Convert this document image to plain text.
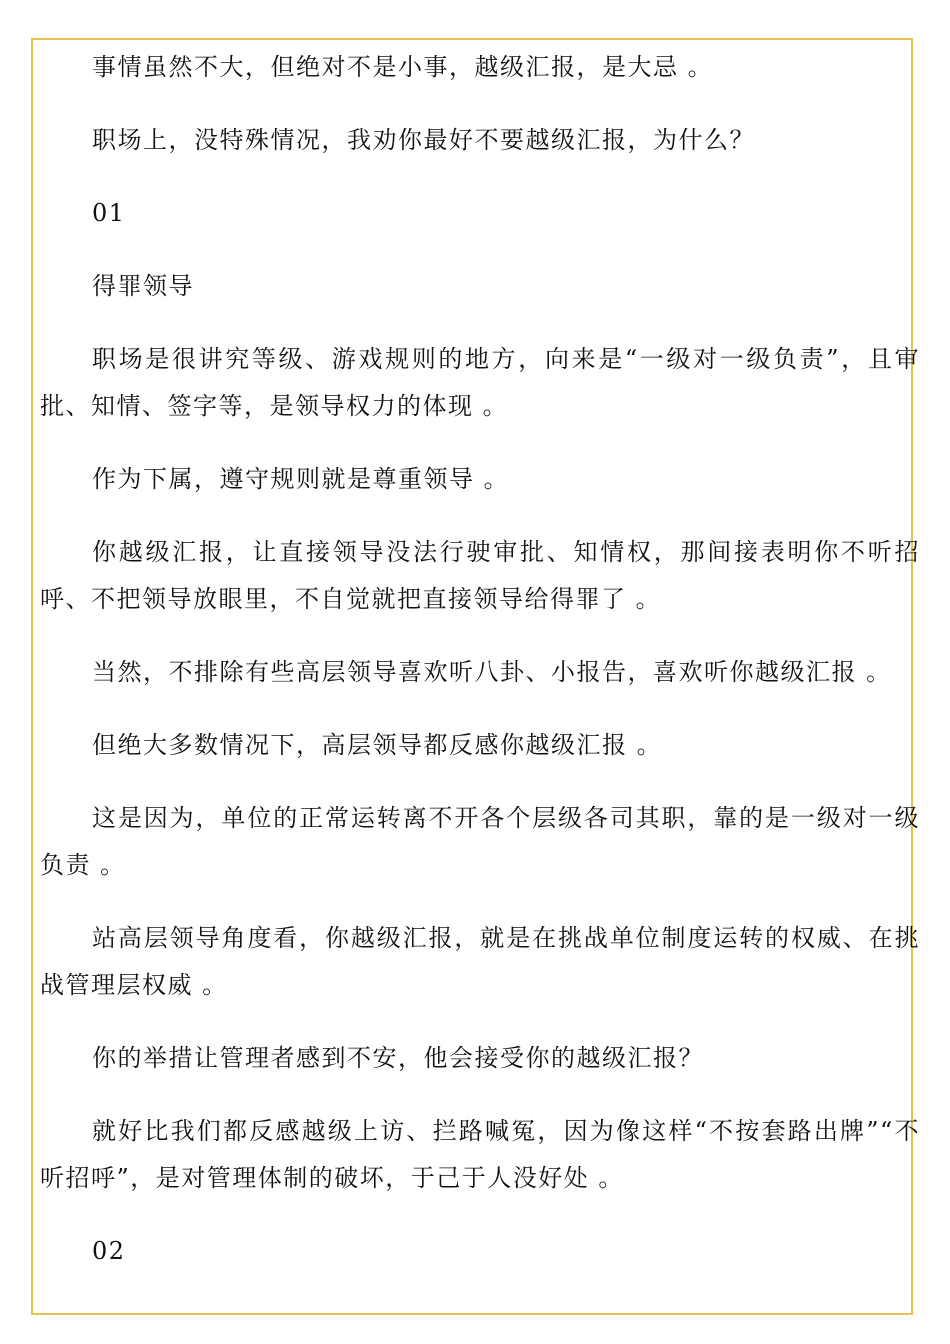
事情虽然不大，但绝对不是小事，越级汇报，是大忌 。

职场上，没特殊情况，我劝你最好不要越级汇报，为什么？

01

得罪领导

职场是很讲究等级、游戏规则的地方，向来是“一级对一级负责”，且审批、知情、签字等，是领导权力的体现 。

作为下属，遵守规则就是尊重领导 。

你越级汇报，让直接领导没法行驶审批、知情权，那间接表明你不听招呼、不把领导放眼里，不自觉就把直接领导给得罪了 。

当然，不排除有些高层领导喜欢听八卦、小报告，喜欢听你越级汇报 。

但绝大多数情况下，高层领导都反感你越级汇报 。

这是因为，单位的正常运转离不开各个层级各司其职，靠的是一级对一级负责 。

站高层领导角度看，你越级汇报，就是在挑战单位制度运转的权威、在挑战管理层权威 。

你的举措让管理者感到不安，他会接受你的越级汇报？

就好比我们都反感越级上访、拦路喊冤，因为像这样“不按套路出牌”“不听招呼”，是对管理体制的破坏，于己于人没好处 。

02
